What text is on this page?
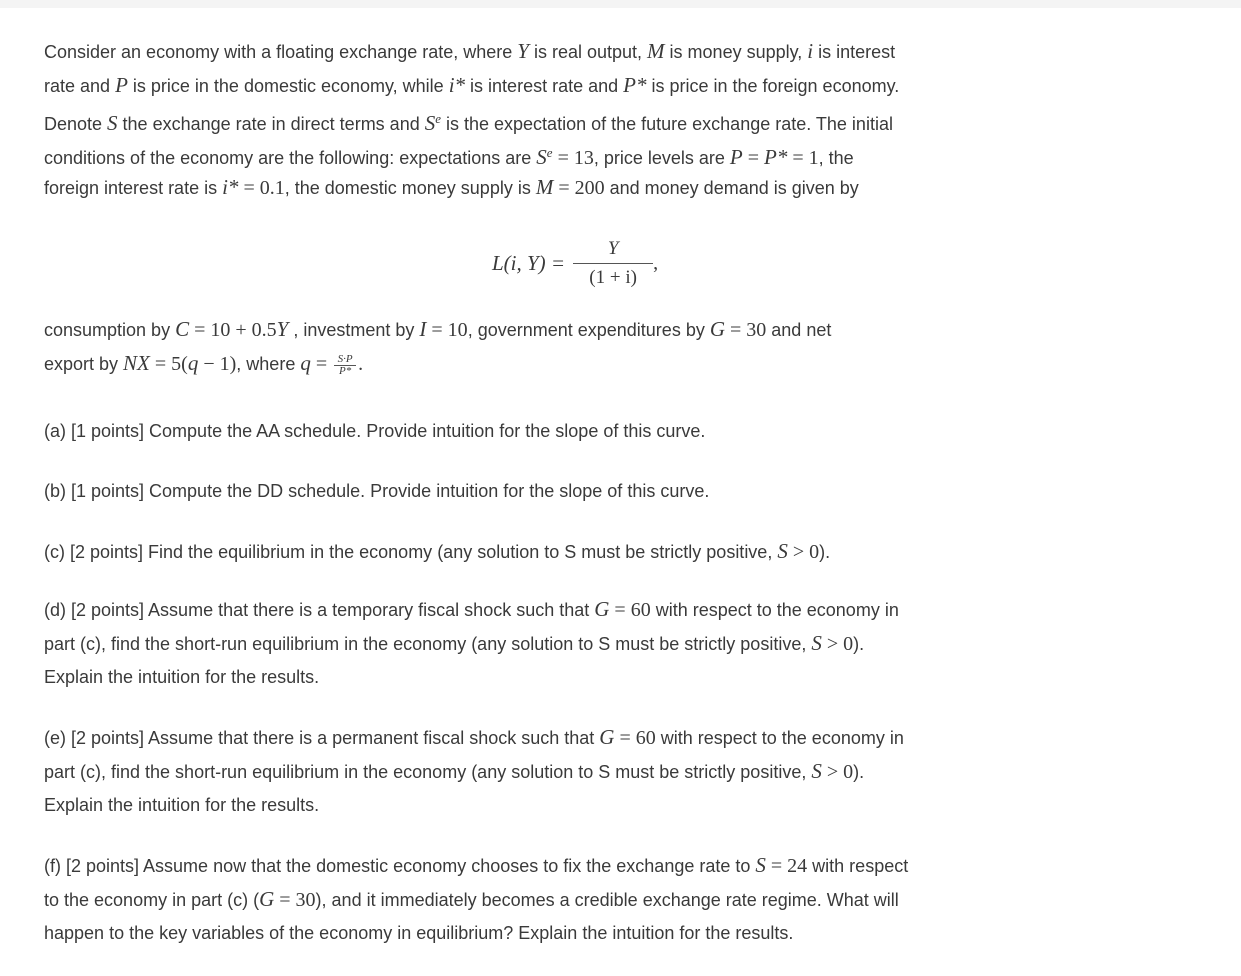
Consider an economy with a floating exchange rate, where Y is real output, M is money supply, i is interest
rate and P is price in the domestic economy, while i* is interest rate and P* is price in the foreign economy.
Denote S the exchange rate in direct terms and $S^e$ is the expectation of the future exchange rate. The initial
conditions of the economy are the following: expectations are $S^e = 13$, price levels are P = P* = 1, the
foreign interest rate is i* = 0.1, the domestic money supply is M = 200 and money demand is given by
L(i, $Y) = \frac{Y}{(1 + i)}$ ,
consumption by C = 10 + 0.5Y , investment by I = 10, government expenditures by G = 30 and net
export by NX = 5(q − 1), where $q = \frac{S\cdot P}{P*}$ .
(a) [1 points] Compute the AA schedule. Provide intuition for the slope of this curve.
(b) [1 points] Compute the DD schedule. Provide intuition for the slope of this curve.
(c) [2 points] Find the equilibrium in the economy (any solution to S must be strictly positive, S > 0).
(d) [2 points] Assume that there is a temporary fiscal shock such that G = 60 with respect to the economy in
part (c), find the short-run equilibrium in the economy (any solution to S must be strictly positive, S > 0).
Explain the intuition for the results.
(e) [2 points] Assume that there is a permanent fiscal shock such that G = 60 with respect to the economy in
part (c), find the short-run equilibrium in the economy (any solution to S must be strictly positive, S > 0).
Explain the intuition for the results.
(f) [2 points] Assume now that the domestic economy chooses to fix the exchange rate to S = 24 with respect
to the economy in part (c) (G = 30), and it immediately becomes a credible exchange rate regime. What will
happen to the key variables of the economy in equilibrium? Explain the intuition for the results.
